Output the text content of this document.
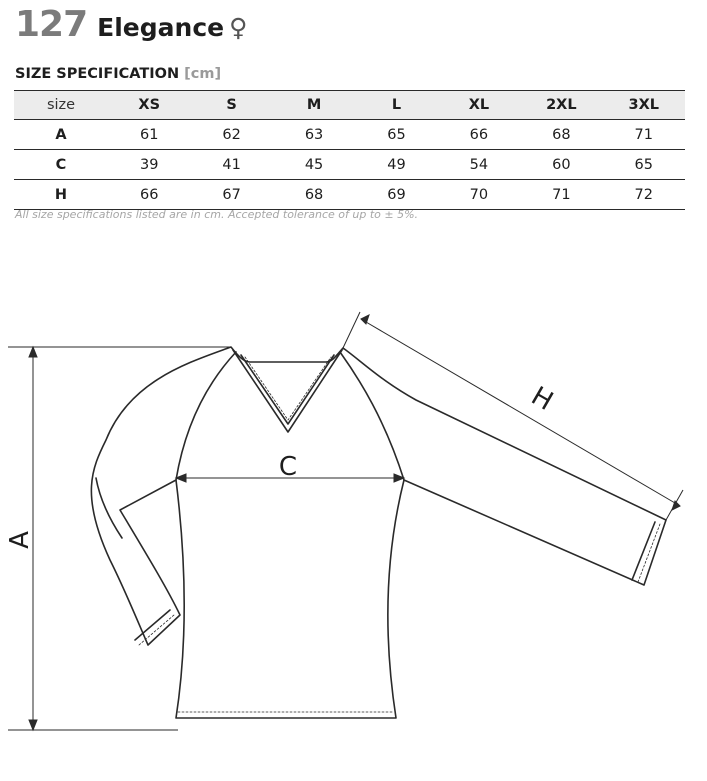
127 Elegance ♀
SIZE SPECIFICATION [cm]
size	XS	S	M	L	XL	2XL	3XL
A	61	62	63	65	66	68	71
C	39	41	45	49	54	60	65
H	66	67	68	69	70	71	72
All size specifications listed are in cm. Accepted tolerance of up to ± 5%.
A
C
H
